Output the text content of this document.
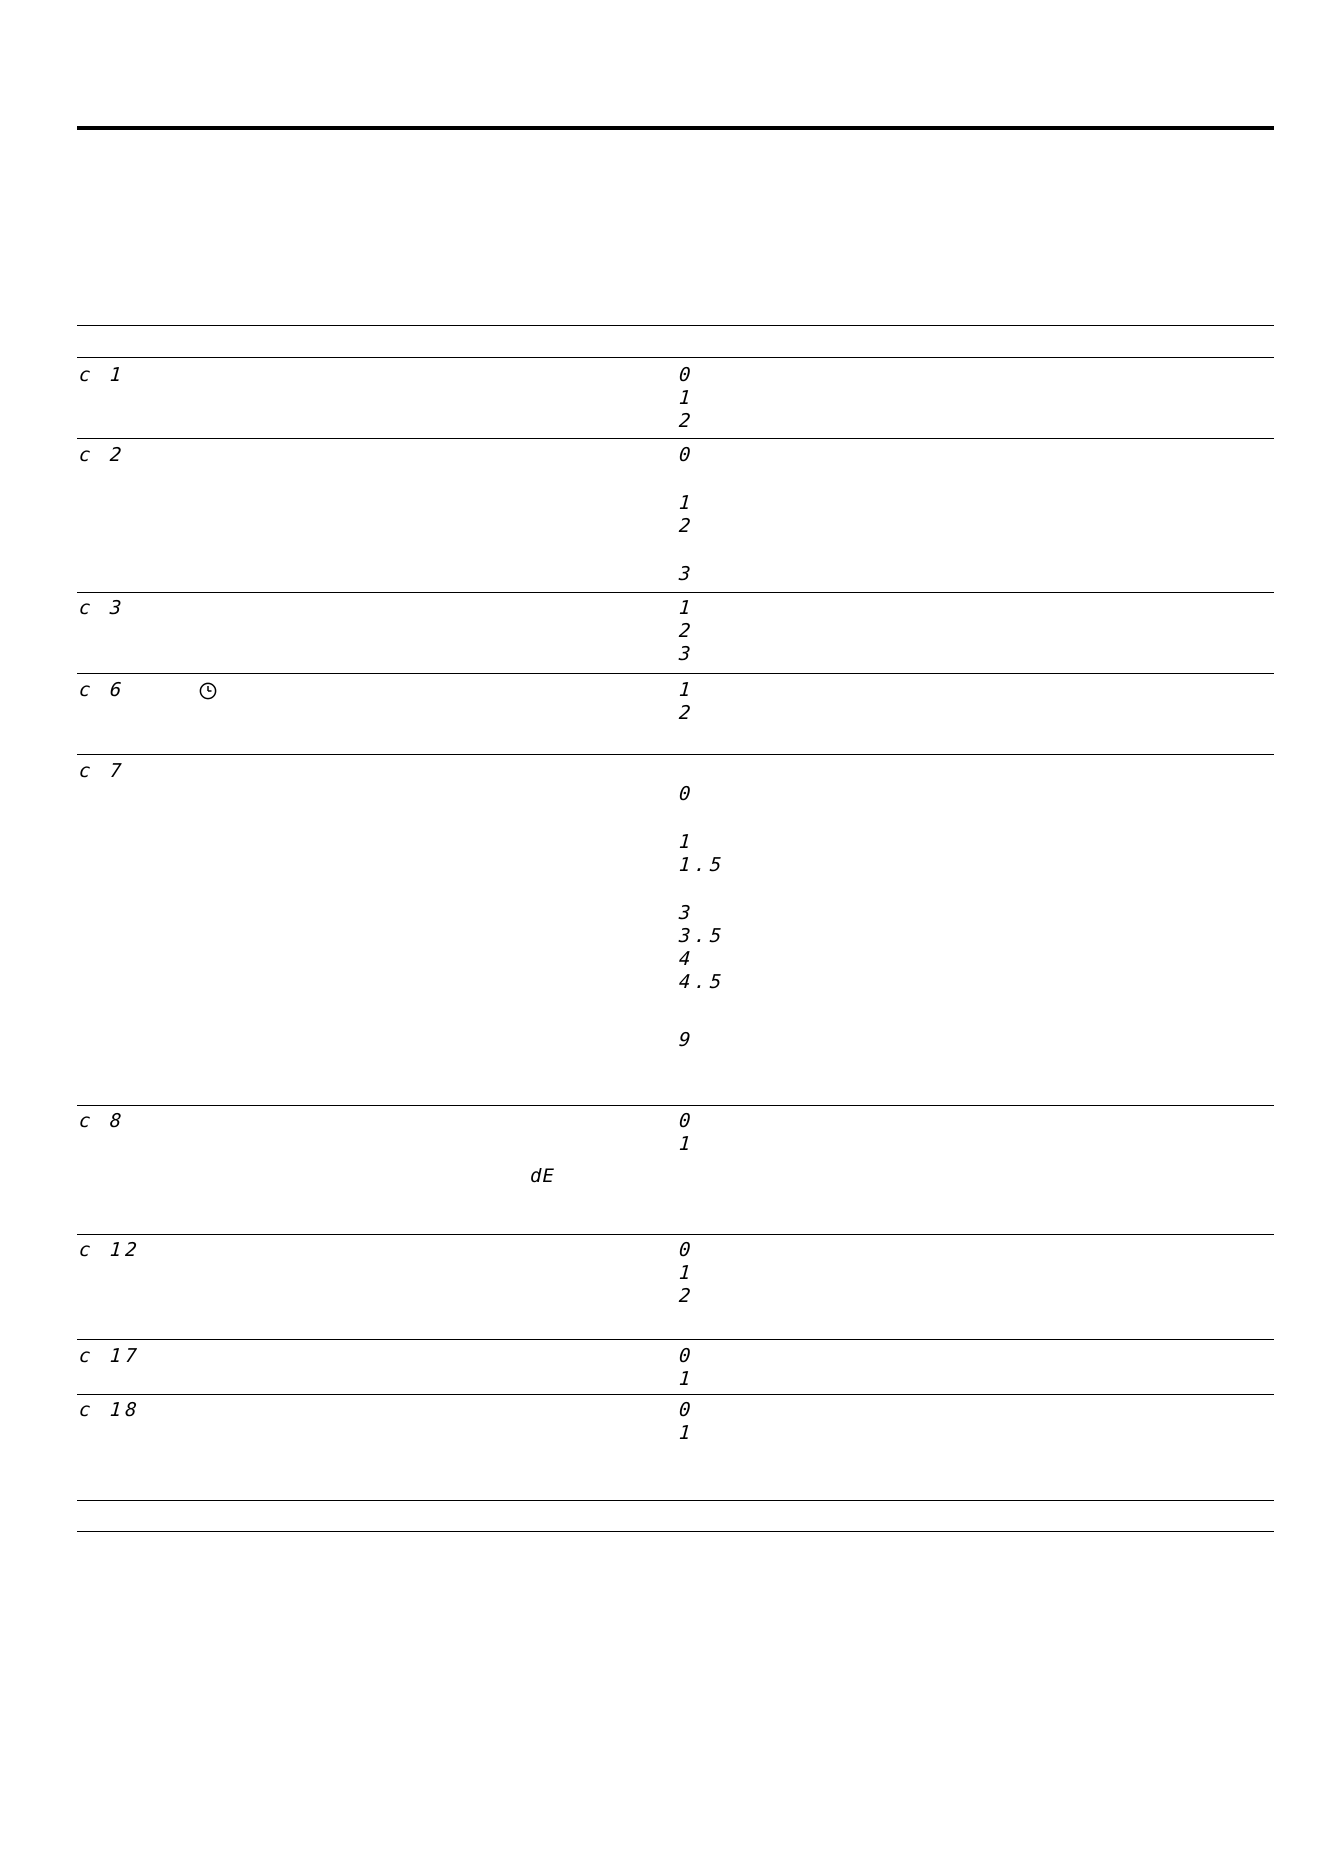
c 1	0
1
2
c 2	0
1
2
3
c 3	1
2
3
c 6	1
2
c 7
0
1
1.5
3
3.5
4
4.5
9
c 8	0
1
dE
c 12	0
1
2
c 17	0
1
c 18	0
1
